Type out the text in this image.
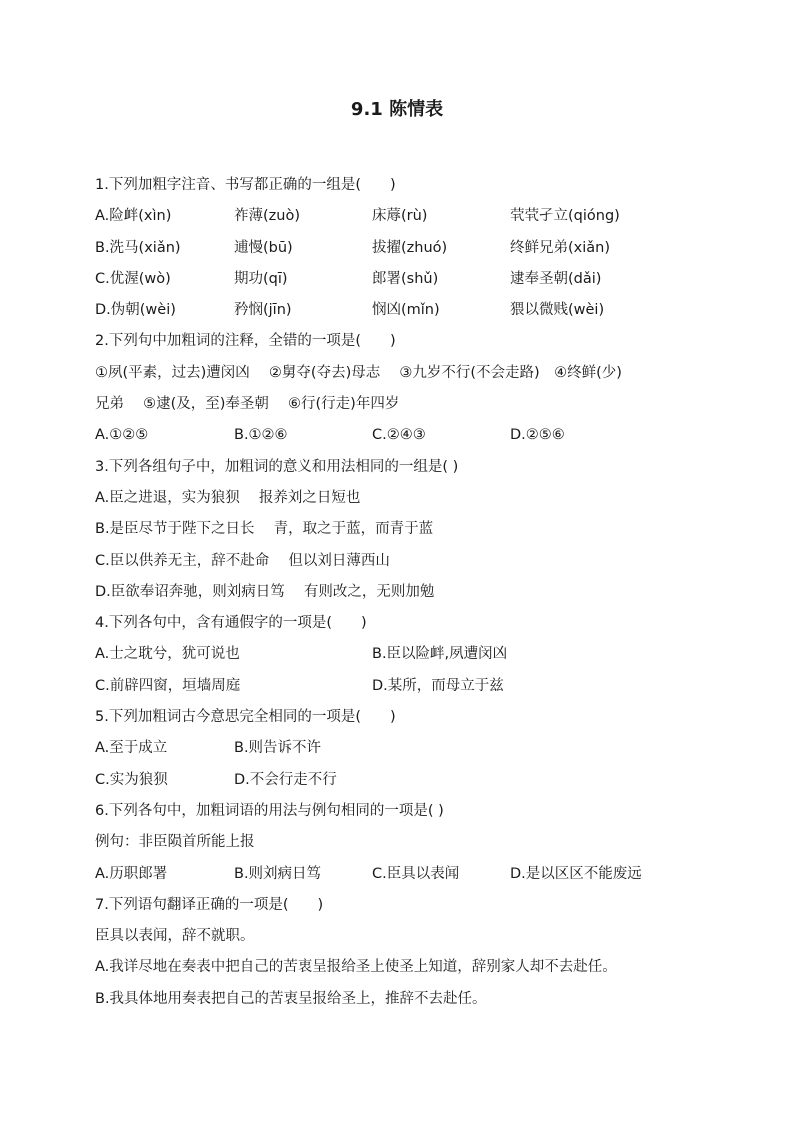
9.1 陈情表
1.下列加粗字注音、书写都正确的一组是(　　)
A.险衅(xìn)	祚薄(zuò)	床蓐(rù)	茕茕孑立(qióng)
B.洗马(xiǎn)	逋慢(bū)	拔擢(zhuó)	终鲜兄弟(xiǎn)
C.优渥(wò)	期功(qī)	郎署(shǔ)	逮奉圣朝(dǎi)
D.伪朝(wèi)	矜悯(jīn)	悯凶(mǐn)	猥以微贱(wèi)
2.下列句中加粗词的注释，全错的一项是(　　)
①夙(平素，过去)遭闵凶　 ②舅夺(夺去)母志　 ③九岁不行(不会走路)　④终鲜(少)
兄弟　 ⑤逮(及，至)奉圣朝　 ⑥行(行走)年四岁
A.①②⑤	B.①②⑥	C.②④③	D.②⑤⑥
3.下列各组句子中，加粗词的意义和用法相同的一组是( )
A.臣之进退，实为狼狈　 报养刘之日短也
B.是臣尽节于陛下之日长　 青，取之于蓝，而青于蓝
C.臣以供养无主，辞不赴命　 但以刘日薄西山
D.臣欲奉诏奔驰，则刘病日笃　 有则改之，无则加勉
4.下列各句中，含有通假字的一项是(　　)
A.士之耽兮，犹可说也	B.臣以险衅,夙遭闵凶
C.前辟四窗，垣墙周庭	D.某所，而母立于兹
5.下列加粗词古今意思完全相同的一项是(　　)
A.至于成立	B.则告诉不许
C.实为狼狈	D.不会行走不行
6.下列各句中，加粗词语的用法与例句相同的一项是( )
例句：非臣陨首所能上报
A.历职郎署	B.则刘病日笃	C.臣具以表闻	D.是以区区不能废远
7.下列语句翻译正确的一项是(　　)
臣具以表闻，辞不就职。
A.我详尽地在奏表中把自己的苦衷呈报给圣上使圣上知道，辞别家人却不去赴任。
B.我具体地用奏表把自己的苦衷呈报给圣上，推辞不去赴任。
